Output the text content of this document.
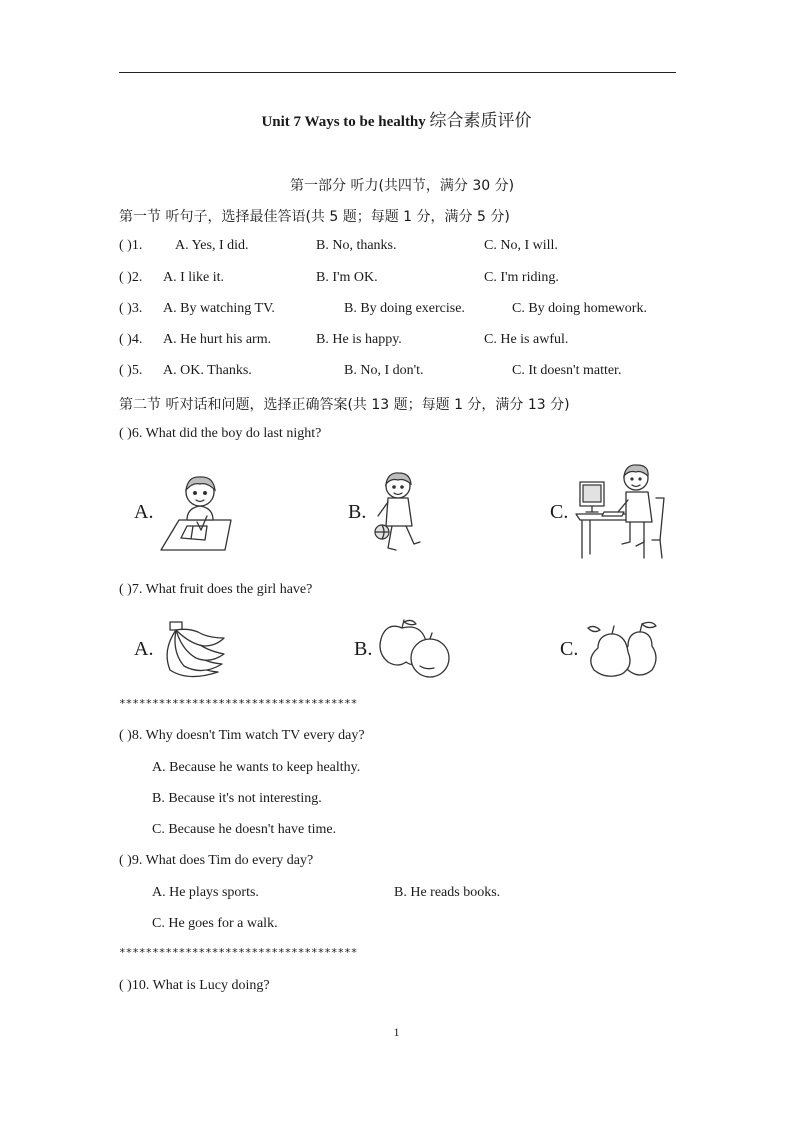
Unit 7 Ways to be healthy 综合素质评价
第一部分 听力(共四节，满分 30 分)
第一节 听句子，选择最佳答语(共 5 题；每题 1 分，满分 5 分)
( )1. A. Yes, I did.	B. No, thanks.	C. No, I will.
( )2. A. I like it.	B. I'm OK.	C. I'm riding.
( )3. A. By watching TV.	B. By doing exercise.	C. By doing homework.
( )4. A. He hurt his arm.	B. He is happy.	C. He is awful.
( )5. A. OK. Thanks.	B. No, I don't.	C. It doesn't matter.
第二节 听对话和问题，选择正确答案(共 13 题；每题 1 分，满分 13 分)
( )6. What did the boy do last night?
A.	B.	C.
( )7. What fruit does the girl have?
A.	B.	C.
************************************
( )8. Why doesn't Tim watch TV every day?
A. Because he wants to keep healthy.
B. Because it's not interesting.
C. Because he doesn't have time.
( )9. What does Tim do every day?
A. He plays sports.	B. He reads books.
C. He goes for a walk.
************************************
( )10. What is Lucy doing?
1
